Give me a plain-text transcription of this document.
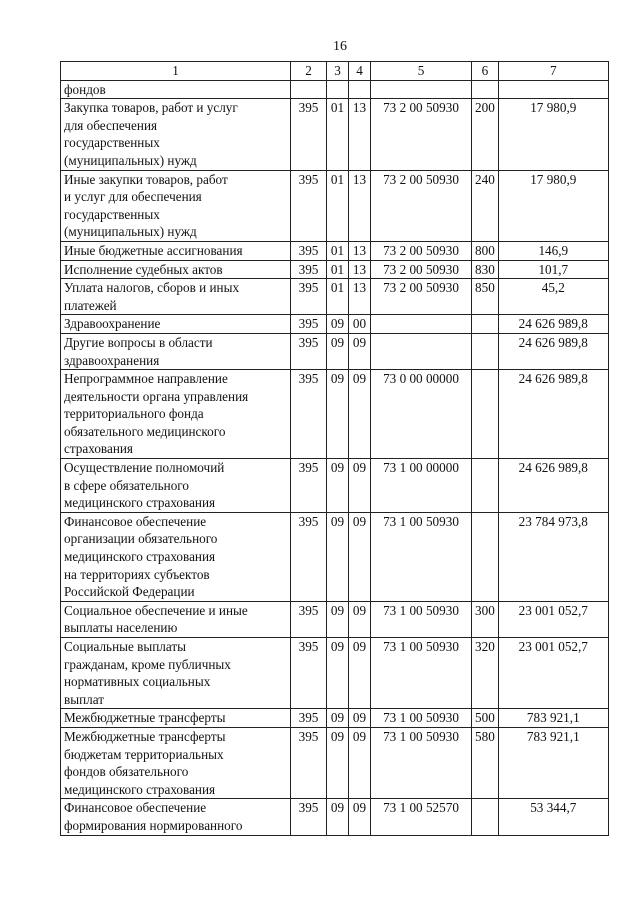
16
1	2	3	4	5	6	7
фондов						
Закупка товаров, работ и услуг
для обеспечения
государственных
(муниципальных) нужд	395	01	13	73 2 00 50930	200	17 980,9
Иные закупки товаров, работ
и услуг для обеспечения
государственных
(муниципальных) нужд	395	01	13	73 2 00 50930	240	17 980,9
Иные бюджетные ассигнования	395	01	13	73 2 00 50930	800	146,9
Исполнение судебных актов	395	01	13	73 2 00 50930	830	101,7
Уплата налогов, сборов и иных
платежей	395	01	13	73 2 00 50930	850	45,2
Здравоохранение	395	09	00			24 626 989,8
Другие вопросы в области
здравоохранения	395	09	09			24 626 989,8
Непрограммное направление
деятельности органа управления
территориального фонда
обязательного медицинского
страхования	395	09	09	73 0 00 00000		24 626 989,8
Осуществление полномочий
в сфере обязательного
медицинского страхования	395	09	09	73 1 00 00000		24 626 989,8
Финансовое обеспечение
организации обязательного
медицинского страхования
на территориях субъектов
Российской Федерации	395	09	09	73 1 00 50930		23 784 973,8
Социальное обеспечение и иные
выплаты населению	395	09	09	73 1 00 50930	300	23 001 052,7
Социальные выплаты
гражданам, кроме публичных
нормативных социальных
выплат	395	09	09	73 1 00 50930	320	23 001 052,7
Межбюджетные трансферты	395	09	09	73 1 00 50930	500	783 921,1
Межбюджетные трансферты
бюджетам территориальных
фондов обязательного
медицинского страхования	395	09	09	73 1 00 50930	580	783 921,1
Финансовое обеспечение
формирования нормированного	395	09	09	73 1 00 52570		53 344,7
